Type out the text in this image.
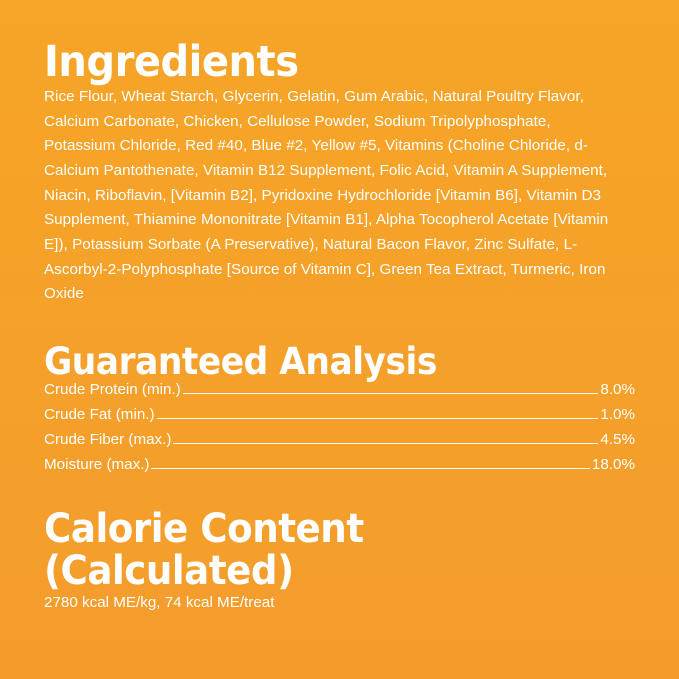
Ingredients

Rice Flour, Wheat Starch, Glycerin, Gelatin, Gum Arabic, Natural Poultry Flavor, Calcium Carbonate, Chicken, Cellulose Powder, Sodium Tripolyphosphate, Potassium Chloride, Red #40, Blue #2, Yellow #5, Vitamins (Choline Chloride, d-Calcium Pantothenate, Vitamin B12 Supplement, Folic Acid, Vitamin A Supplement, Niacin, Riboflavin, [Vitamin B2], Pyridoxine Hydrochloride [Vitamin B6], Vitamin D3 Supplement, Thiamine Mononitrate [Vitamin B1], Alpha Tocopherol Acetate [Vitamin E]), Potassium Sorbate (A Preservative), Natural Bacon Flavor, Zinc Sulfate, L-Ascorbyl-2-Polyphosphate [Source of Vitamin C], Green Tea Extract, Turmeric, Iron Oxide

Guaranteed Analysis
Crude Protein (min.)	8.0%
Crude Fat (min.)	1.0%
Crude Fiber (max.)	4.5%
Moisture (max.)	18.0%
Calorie Content (Calculated)

2780 kcal ME/kg, 74 kcal ME/treat
